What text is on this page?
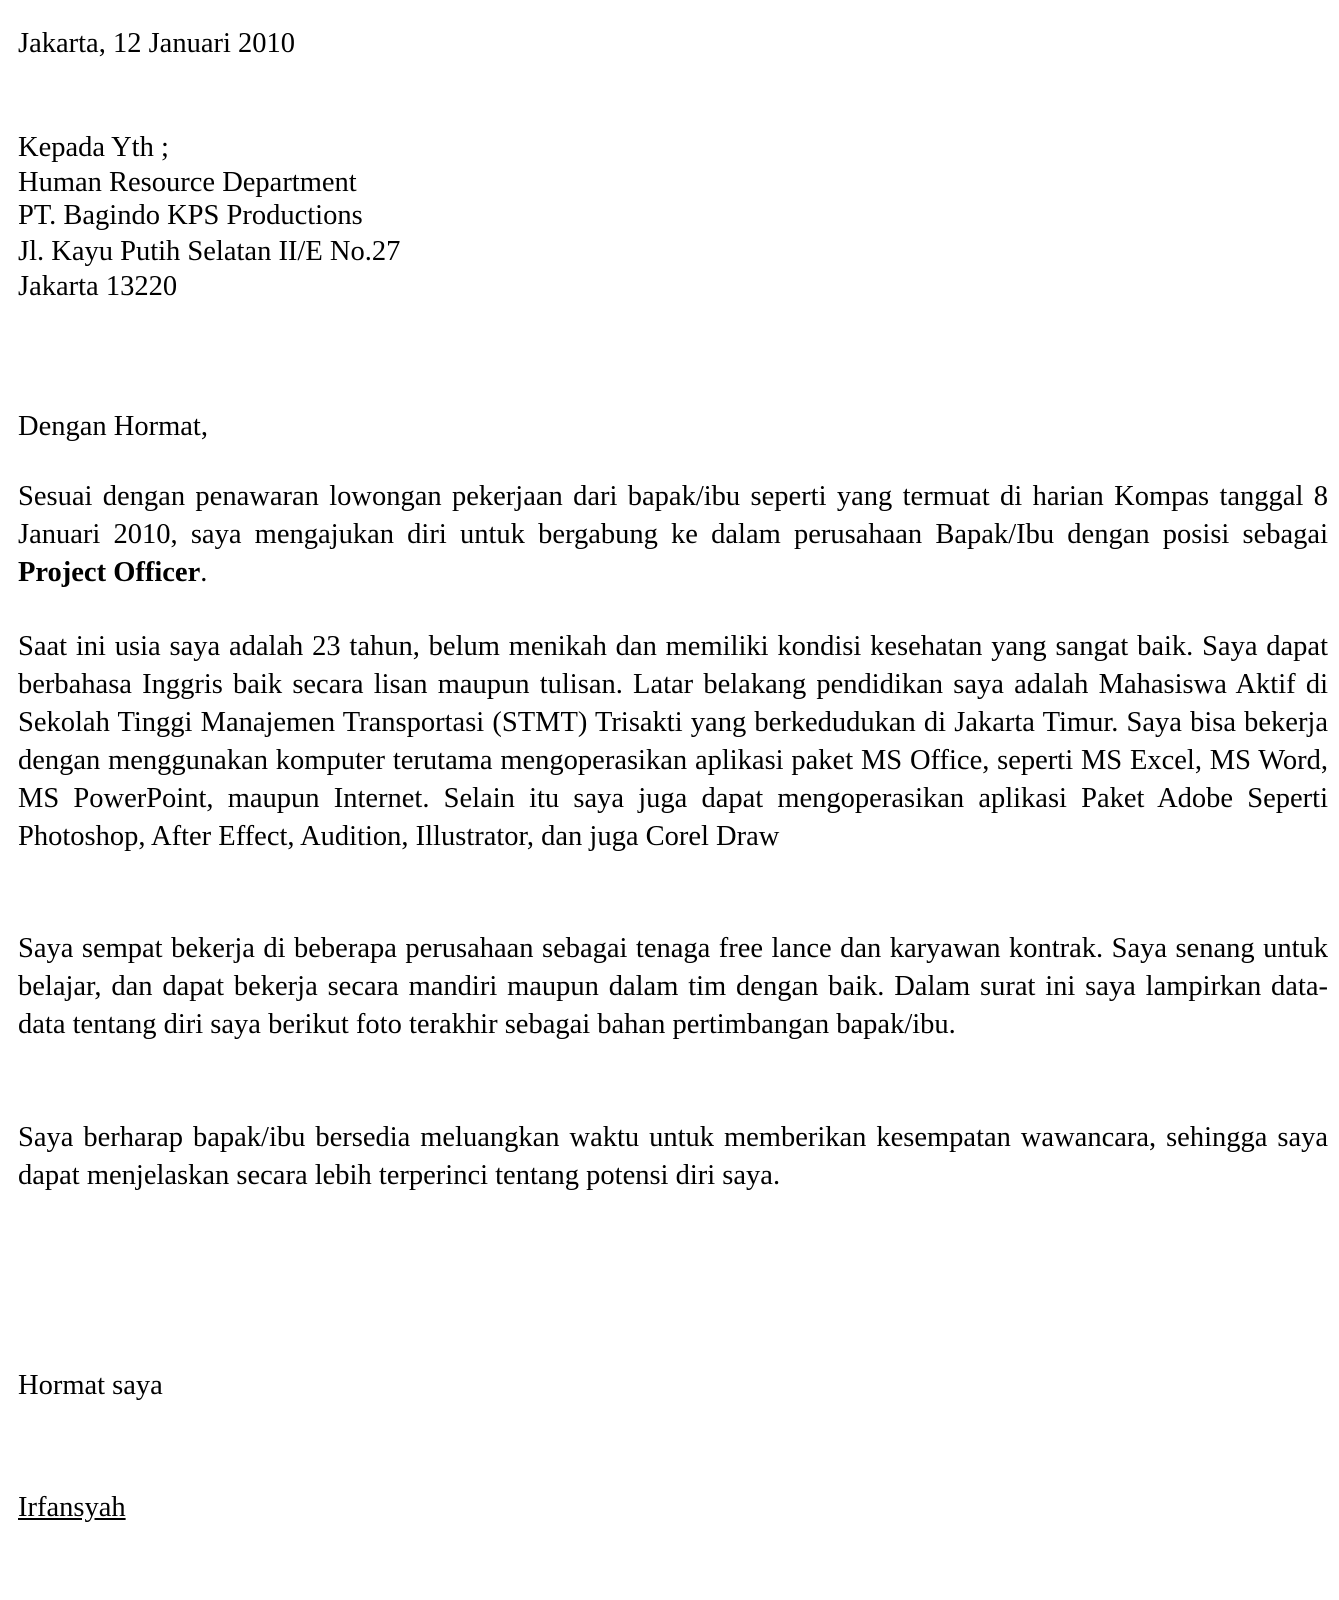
Jakarta, 12 Januari 2010
Kepada Yth ;
Human Resource Department
PT. Bagindo KPS Productions
Jl. Kayu Putih Selatan II/E No.27
Jakarta 13220
Dengan Hormat,
Sesuai dengan penawaran lowongan pekerjaan dari bapak/ibu seperti yang termuat di harian Kompas tanggal 8 Januari 2010, saya mengajukan diri untuk bergabung ke dalam perusahaan Bapak/Ibu dengan posisi sebagai Project Officer.
Saat ini usia saya adalah 23 tahun, belum menikah dan memiliki kondisi kesehatan yang sangat baik. Saya dapat berbahasa Inggris baik secara lisan maupun tulisan. Latar belakang pendidikan saya adalah Mahasiswa Aktif di Sekolah Tinggi Manajemen Transportasi (STMT) Trisakti yang berkedudukan di Jakarta Timur. Saya bisa bekerja dengan menggunakan komputer terutama mengoperasikan aplikasi paket MS Office, seperti MS Excel, MS Word, MS PowerPoint, maupun Internet. Selain itu saya juga dapat mengoperasikan aplikasi Paket Adobe Seperti Photoshop, After Effect, Audition, Illustrator, dan juga Corel Draw
Saya sempat bekerja di beberapa perusahaan sebagai tenaga free lance dan karyawan kontrak. Saya senang untuk belajar, dan dapat bekerja secara mandiri maupun dalam tim dengan baik. Dalam surat ini saya lampirkan data-data tentang diri saya berikut foto terakhir sebagai bahan pertimbangan bapak/ibu.
Saya berharap bapak/ibu bersedia meluangkan waktu untuk memberikan kesempatan wawancara, sehingga saya dapat menjelaskan secara lebih terperinci tentang potensi diri saya.
Hormat saya
Irfansyah
